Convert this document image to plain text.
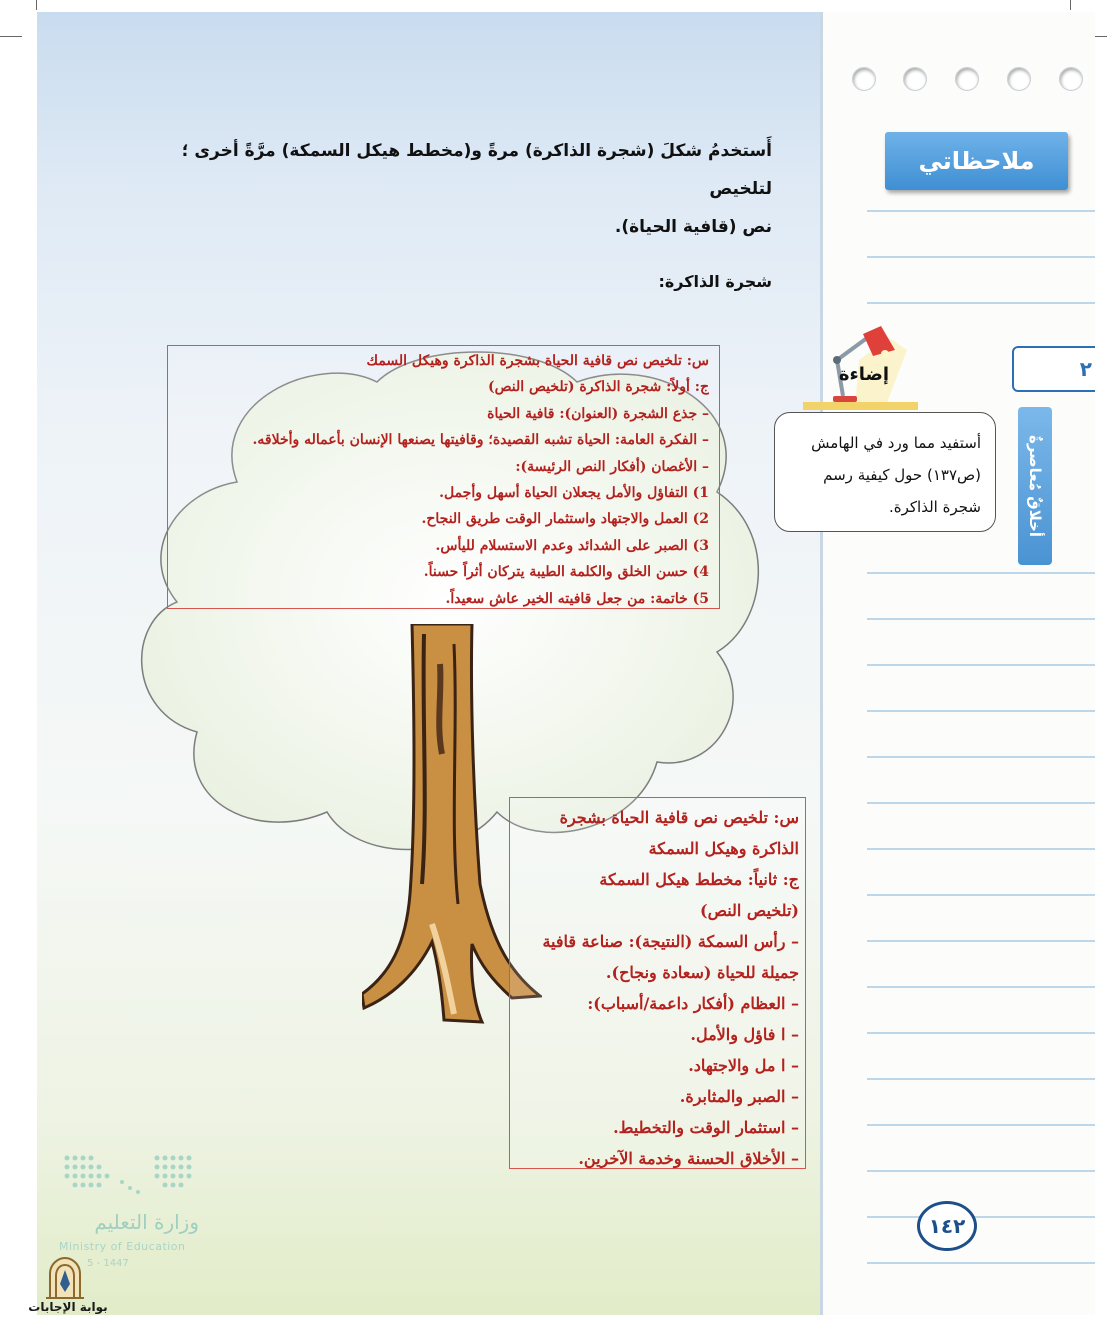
ملاحظاتي
٢
أخلاقٌ مُعاصرةٌ
إضاءة
أستفيد مما ورد في الهامش
(ص١٣٧) حول كيفية رسم
شجرة الذاكرة.
أَستخدمُ شكلَ (شجرة الذاكرة) مرةً و(مخطط هيكل السمكة) مرَّةً أخرى ؛ لتلخيص
نص (قافية الحياة).
شجرة الذاكرة:
س: تلخيص نص قافية الحياة بشجرة الذاكرة وهيكل السمك
ج: أولاً: شجرة الذاكرة (تلخيص النص)
– جذع الشجرة (العنوان): قافية الحياة
– الفكرة العامة: الحياة تشبه القصيدة؛ وقافيتها يصنعها الإنسان بأعماله وأخلاقه.
– الأغصان (أفكار النص الرئيسة):
1) التفاؤل والأمل يجعلان الحياة أسهل وأجمل.
2) العمل والاجتهاد واستثمار الوقت طريق النجاح.
3) الصبر على الشدائد وعدم الاستسلام لليأس.
4) حسن الخلق والكلمة الطيبة يتركان أثراً حسناً.
5) خاتمة: من جعل قافيته الخير عاش سعيداً.
س: تلخيص نص قافية الحياة بشجرة
الذاكرة وهيكل السمكة
ج: ثانياً: مخطط هيكل السمكة
(تلخيص النص)
– رأس السمكة (النتيجة): صناعة قافية
جميلة للحياة (سعادة ونجاح).
– العظام (أفكار داعمة/أسباب):
– ا فاؤل والأمل.
– ا مل والاجتهاد.
– الصبر والمثابرة.
– استثمار الوقت والتخطيط.
– الأخلاق الحسنة وخدمة الآخرين.
١٤٢
وزارة التعليم
Ministry of Education
5 - 1447
بوابة الإجابات
